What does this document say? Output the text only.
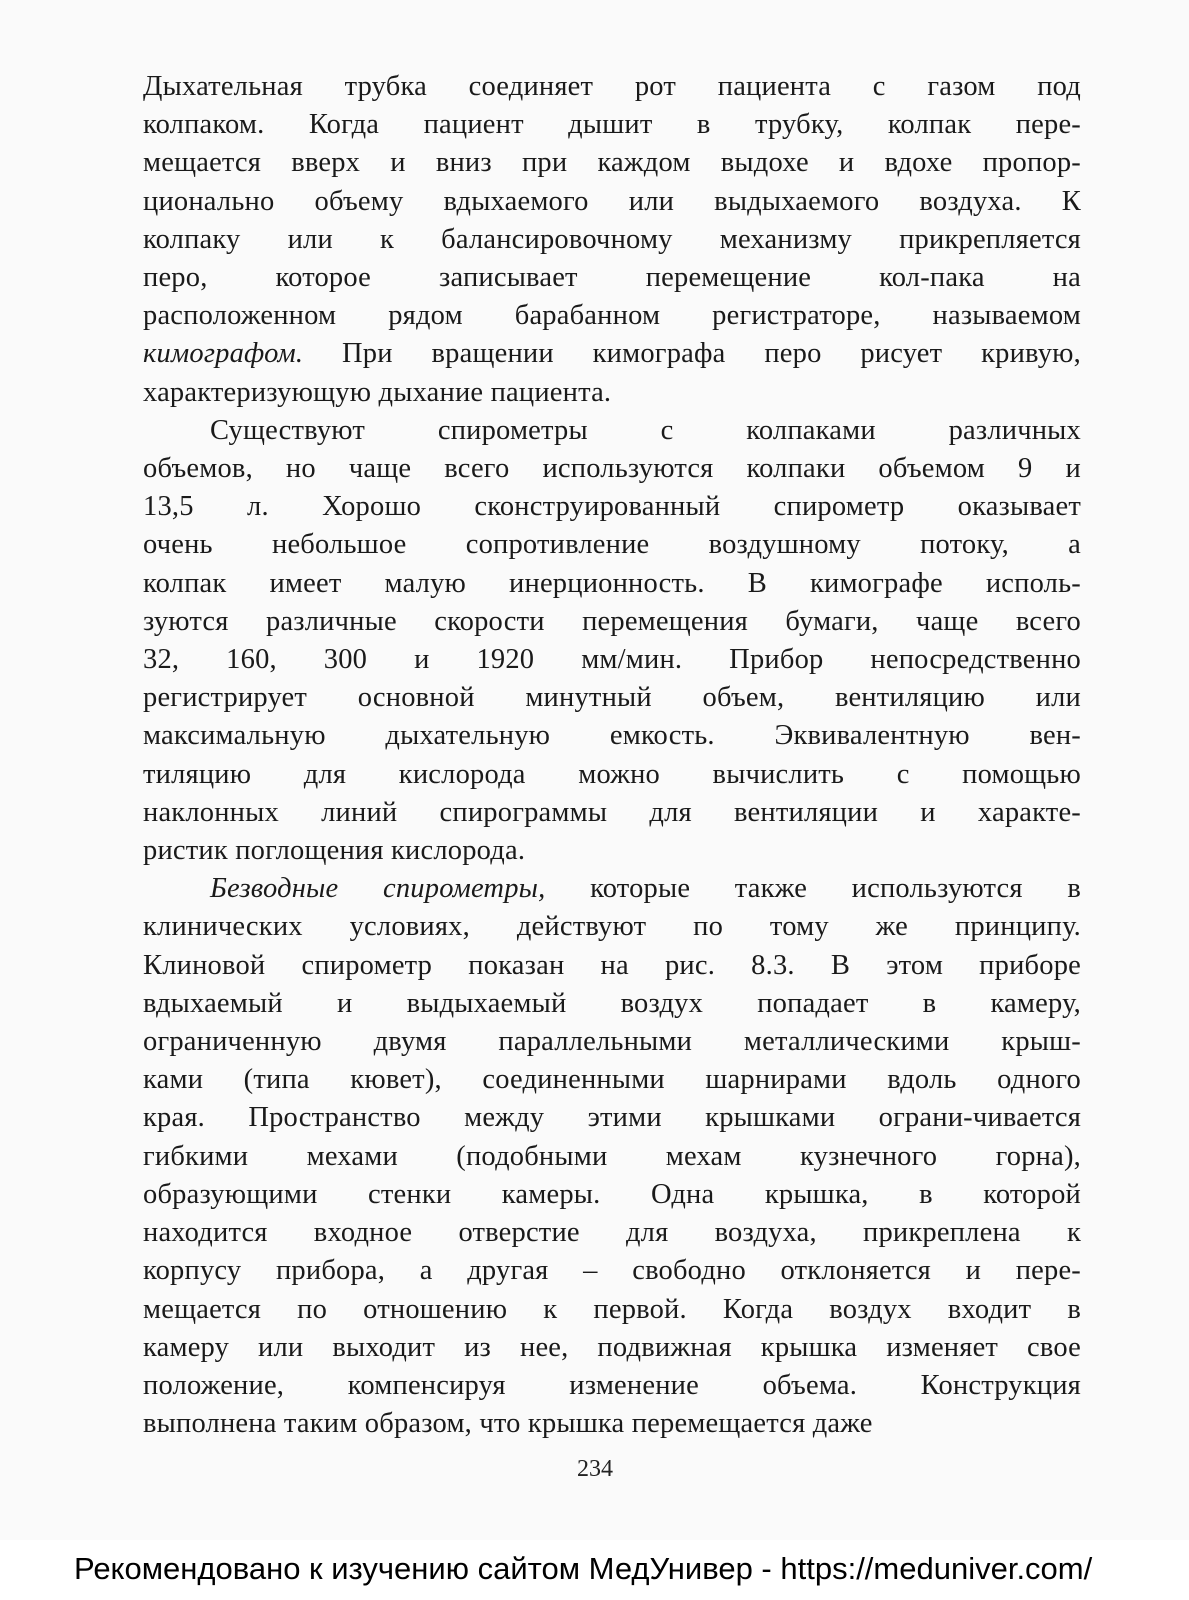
Дыхательная трубка соединяет рот пациента с газом под
колпаком. Когда пациент дышит в трубку, колпак пере-
мещается вверх и вниз при каждом выдохе и вдохе пропор-
ционально объему вдыхаемого или выдыхаемого воздуха. К
колпаку или к балансировочному механизму прикрепляется
перо, которое записывает перемещение кол-пака на
расположенном рядом барабанном регистраторе, называемом
кимографом. При вращении кимографа перо рисует кривую,
характеризующую дыхание пациента.

Существуют спирометры с колпаками различных
объемов, но чаще всего используются колпаки объемом 9 и
13,5 л. Хорошо сконструированный спирометр оказывает
очень небольшое сопротивление воздушному потоку, а
колпак имеет малую инерционность. В кимографе исполь-
зуются различные скорости перемещения бумаги, чаще всего
32, 160, 300 и 1920 мм/мин. Прибор непосредственно
регистрирует основной минутный объем, вентиляцию или
максимальную дыхательную емкость. Эквивалентную вен-
тиляцию для кислорода можно вычислить с помощью
наклонных линий спирограммы для вентиляции и характе-
ристик поглощения кислорода.

Безводные спирометры, которые также используются в
клинических условиях, действуют по тому же принципу.
Клиновой спирометр показан на рис. 8.3. В этом приборе
вдыхаемый и выдыхаемый воздух попадает в камеру,
ограниченную двумя параллельными металлическими крыш-
ками (типа кювет), соединенными шарнирами вдоль одного
края. Пространство между этими крышками ограни-чивается
гибкими мехами (подобными мехам кузнечного горна),
образующими стенки камеры. Одна крышка, в которой
находится входное отверстие для воздуха, прикреплена к
корпусу прибора, а другая – свободно отклоняется и пере-
мещается по отношению к первой. Когда воздух входит в
камеру или выходит из нее, подвижная крышка изменяет свое
положение, компенсируя изменение объема. Конструкция
выполнена таким образом, что крышка перемещается даже

234
Рекомендовано к изучению сайтом МедУнивер - https://meduniver.com/
